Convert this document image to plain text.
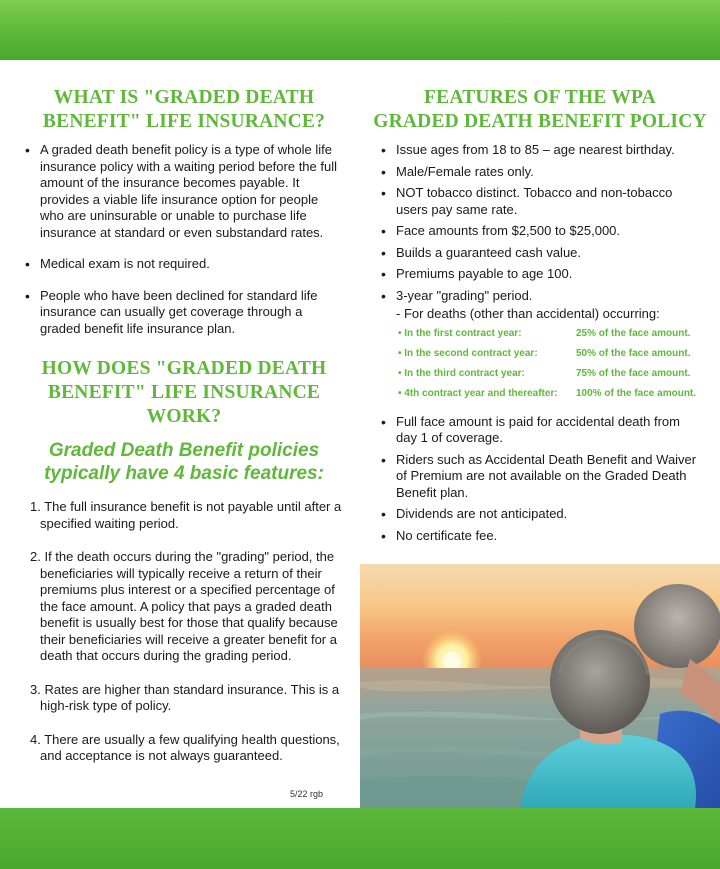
WHAT IS "GRADED DEATH
BENEFIT" LIFE INSURANCE?
• A graded death benefit policy is a type of whole life insurance policy with a waiting period before the full amount of the insurance becomes payable. It provides a viable life insurance option for people who are uninsurable or unable to purchase life insurance at standard or even substandard rates.
• Medical exam is not required.
• People who have been declined for standard life insurance can usually get coverage through a graded benefit life insurance plan.
HOW DOES "GRADED DEATH
BENEFIT" LIFE INSURANCE WORK?
Graded Death Benefit policies
typically have 4 basic features:
1. The full insurance benefit is not payable until after a specified waiting period.
2. If the death occurs during the "grading" period, the beneficiaries will typically receive a return of their premiums plus interest or a specified percentage of the face amount. A policy that pays a graded death benefit is usually best for those that qualify because their beneficiaries will receive a greater benefit for a death that occurs during the grading period.
3. Rates are higher than standard insurance. This is a high-risk type of policy.
4. There are usually a few qualifying health questions, and acceptance is not always guaranteed.
5/22 rgb
FEATURES OF THE WPA
GRADED DEATH BENEFIT POLICY
• Issue ages from 18 to 85 – age nearest birthday.
• Male/Female rates only.
• NOT tobacco distinct. Tobacco and non-tobacco users pay same rate.
• Face amounts from $2,500 to $25,000.
• Builds a guaranteed cash value.
• Premiums payable to age 100.
• 3-year "grading" period.
- For deaths (other than accidental) occurring:
• In the first contract year:	25% of the face amount.
• In the second contract year:	50% of the face amount.
• In the third contract year:	75% of the face amount.
• 4th contract year and thereafter: 100% of the face amount.
• Full face amount is paid for accidental death from day 1 of coverage.
• Riders such as Accidental Death Benefit and Waiver of Premium are not available on the Graded Death Benefit plan.
• Dividends are not anticipated.
• No certificate fee.
